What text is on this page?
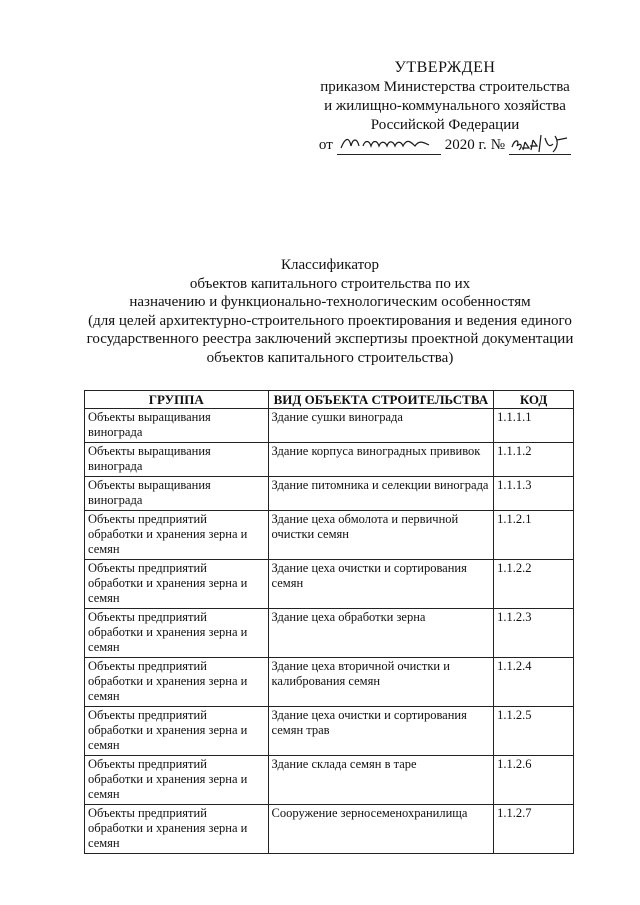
УТВЕРЖДЕН
приказом Министерства строительства
и жилищно-коммунального хозяйства
Российской Федерации
от	2020 г. №
Классификатор
объектов капитального строительства по их
назначению и функционально-технологическим особенностям
(для целей архитектурно-строительного проектирования и ведения единого
государственного реестра заключений экспертизы проектной документации
объектов капитального строительства)
ГРУППА	ВИД ОБЪЕКТА СТРОИТЕЛЬСТВА	КОД
Объекты выращивания винограда	Здание сушки винограда	1.1.1.1
Объекты выращивания винограда	Здание корпуса виноградных прививок	1.1.1.2
Объекты выращивания винограда	Здание питомника и селекции винограда	1.1.1.3
Объекты предприятий обработки и хранения зерна и семян	Здание цеха обмолота и первичной очистки семян	1.1.2.1
Объекты предприятий обработки и хранения зерна и семян	Здание цеха очистки и сортирования семян	1.1.2.2
Объекты предприятий обработки и хранения зерна и семян	Здание цеха обработки зерна	1.1.2.3
Объекты предприятий обработки и хранения зерна и семян	Здание цеха вторичной очистки и калибрования семян	1.1.2.4
Объекты предприятий обработки и хранения зерна и семян	Здание цеха очистки и сортирования семян трав	1.1.2.5
Объекты предприятий обработки и хранения зерна и семян	Здание склада семян в таре	1.1.2.6
Объекты предприятий обработки и хранения зерна и семян	Сооружение зерносеменохранилища	1.1.2.7
